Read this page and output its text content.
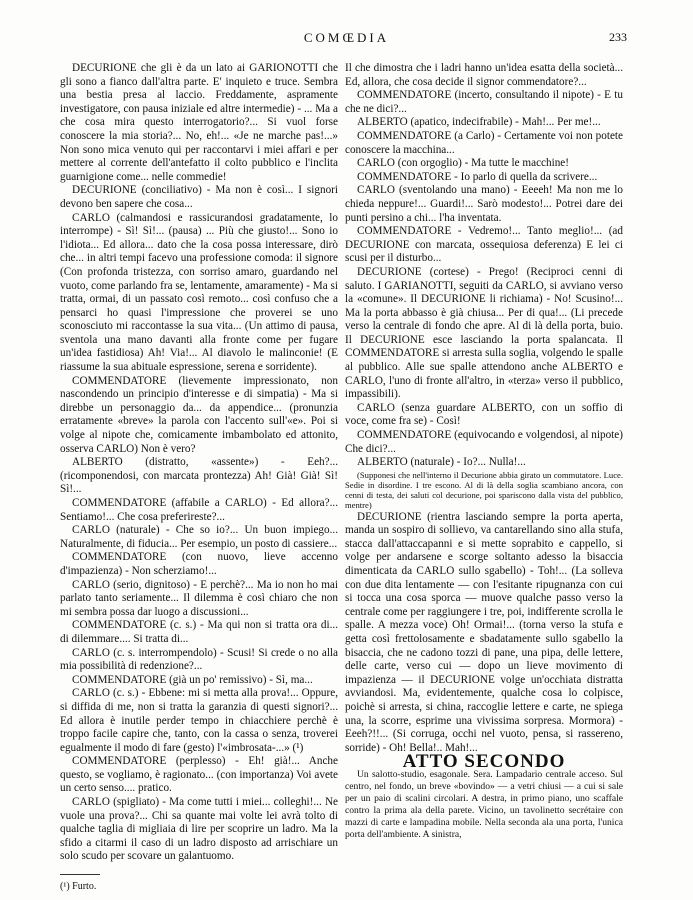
COMŒDIA	233

DECURIONE che gli è da un lato ai GARIONOTTI che gli sono a fianco dall'altra parte. E' inquieto e truce. Sembra una bestia presa al laccio. Freddamente, aspramente investigatore, con pausa iniziale ed altre intermedie) - ... Ma a che cosa mira questo interrogatorio?... Si vuol forse conoscere la mia storia?... No, eh!... «Je ne marche pas!...» Non sono mica venuto qui per raccontarvi i miei affari e per mettere al corrente dell'antefatto il colto pubblico e l'inclita guarnigione come... nelle commedie!

DECURIONE (conciliativo) - Ma non è così... I signori devono ben sapere che cosa...

CARLO (calmandosi e rassicurandosi gradatamente, lo interrompe) - Sì! Sì!... (pausa) ... Più che giusto!... Sono io l'idiota... Ed allora... dato che la cosa possa interessare, dirò che... in altri tempi facevo una professione comoda: il signore (Con profonda tristezza, con sorriso amaro, guardando nel vuoto, come parlando fra se, lentamente, amaramente) - Ma si tratta, ormai, di un passato così remoto... così confuso che a pensarci ho quasi l'impressione che proverei se uno sconosciuto mi raccontasse la sua vita... (Un attimo di pausa, sventola una mano davanti alla fronte come per fugare un'idea fastidiosa) Ah! Via!... Al diavolo le malinconie! (E riassume la sua abituale espressione, serena e sorridente).

COMMENDATORE (lievemente impressionato, non nascondendo un principio d'interesse e di simpatia) - Ma si direbbe un personaggio da... da appendice... (pronunzia erratamente «breve» la parola con l'accento sull'«e». Poi si volge al nipote che, comicamente imbambolato ed attonito, osserva CARLO) Non è vero?

ALBERTO (distratto, «assente») - Eeh?... (ricomponendosi, con marcata prontezza) Ah! Già! Già! Sì! Sì!...

COMMENDATORE (affabile a CARLO) - Ed allora?... Sentiamo!... Che cosa preferireste?...

CARLO (naturale) - Che so io?... Un buon impiego... Naturalmente, di fiducia... Per esempio, un posto di cassiere...

COMMENDATORE (con nuovo, lieve accenno d'impazienza) - Non scherziamo!...

CARLO (serio, dignitoso) - E perchè?... Ma io non ho mai parlato tanto seriamente... Il dilemma è così chiaro che non mi sembra possa dar luogo a discussioni...

COMMENDATORE (c. s.) - Ma qui non si tratta ora di... di dilemmare.... Si tratta di...

CARLO (c. s. interrompendolo) - Scusi! Si crede o no alla mia possibilità di redenzione?...

COMMENDATORE (già un po' remissivo) - Sì, ma...

CARLO (c. s.) - Ebbene: mi si metta alla prova!... Oppure, si diffida di me, non si tratta la garanzia di questi signori?... Ed allora è inutile perder tempo in chiacchiere perchè è troppo facile capire che, tanto, con la cassa o senza, troverei egualmente il modo di fare (gesto) l'«imbrosata-...» (¹)

COMMENDATORE (perplesso) - Eh! già!... Anche questo, se vogliamo, è ragionato... (con importanza) Voi avete un certo senso.... pratico.

CARLO (spigliato) - Ma come tutti i miei... colleghi!... Ne vuole una prova?... Chi sa quante mai volte lei avrà tolto di qualche taglia di migliaia di lire per scoprire un ladro. Ma la sfido a citarmi il caso di un ladro disposto ad arrischiare un solo scudo per scovare un galantuomo.

(¹) Furto.

Il che dimostra che i ladri hanno un'idea esatta della società... Ed, allora, che cosa decide il signor commendatore?...

COMMENDATORE (incerto, consultando il nipote) - E tu che ne dici?...

ALBERTO (apatico, indecifrabile) - Mah!... Per me!...

COMMENDATORE (a Carlo) - Certamente voi non potete conoscere la macchina...

CARLO (con orgoglio) - Ma tutte le macchine!

COMMENDATORE - Io parlo di quella da scrivere...

CARLO (sventolando una mano) - Eeeeh! Ma non me lo chieda neppure!... Guardi!... Sarò modesto!... Potrei dare dei punti persino a chi... l'ha inventata.

COMMENDATORE - Vedremo!... Tanto meglio!... (ad DECURIONE con marcata, ossequiosa deferenza) E lei ci scusi per il disturbo...

DECURIONE (cortese) - Prego! (Reciproci cenni di saluto. I GARIANOTTI, seguiti da CARLO, si avviano verso la «comune». Il DECURIONE li richiama) - No! Scusino!... Ma la porta abbasso è già chiusa... Per di qua!... (Li precede verso la centrale di fondo che apre. Al di là della porta, buio. Il DECURIONE esce lasciando la porta spalancata. Il COMMENDATORE si arresta sulla soglia, volgendo le spalle al pubblico. Alle sue spalle attendono anche ALBERTO e CARLO, l'uno di fronte all'altro, in «terza» verso il pubblico, impassibili).

CARLO (senza guardare ALBERTO, con un soffio di voce, come fra se) - Così!

COMMENDATORE (equivocando e volgendosi, al nipote) Che dici?...

ALBERTO (naturale) - Io?... Nulla!...

(Supponesi che nell'interno il Decurione abbia girato un commutatore. Luce. Sedie in disordine. I tre escono. Al di là della soglia scambiano ancora, con cenni di testa, dei saluti col decurione, poi spariscono dalla vista del pubblico, mentre)

DECURIONE (rientra lasciando sempre la porta aperta, manda un sospiro di sollievo, va cantarellando sino alla stufa, stacca dall'attaccapanni e si mette soprabito e cappello, si volge per andarsene e scorge soltanto adesso la bisaccia dimenticata da CARLO sullo sgabello) - Toh!... (La solleva con due dita lentamente — con l'esitante ripugnanza con cui si tocca una cosa sporca — muove qualche passo verso la centrale come per raggiungere i tre, poi, indifferente scrolla le spalle. A mezza voce) Oh! Ormai!... (torna verso la stufa e getta così frettolosamente e sbadatamente sullo sgabello la bisaccia, che ne cadono tozzi di pane, una pipa, delle lettere, delle carte, verso cui — dopo un lieve movimento di impazienza — il DECURIONE volge un'occhiata distratta avviandosi. Ma, evidentemente, qualche cosa lo colpisce, poichè si arresta, si china, raccoglie lettere e carte, ne spiega una, la scorre, esprime una vivissima sorpresa. Mormora) - Eeeh?!!... (Si corruga, occhi nel vuoto, pensa, si rassereno, sorride) - Oh! Bella!.. Mah!...

ATTO SECONDO

Un salotto-studio, esagonale. Sera. Lampadario centrale acceso. Sul centro, nel fondo, un breve «bovindo» — a vetri chiusi — a cui si sale per un paio di scalini circolari. A destra, in primo piano, uno scaffale contro la prima ala della parete. Vicino, un tavolinetto secrétaire con mazzi di carte e lampadina mobile. Nella seconda ala una porta, l'unica porta dell'ambiente. A sinistra,
